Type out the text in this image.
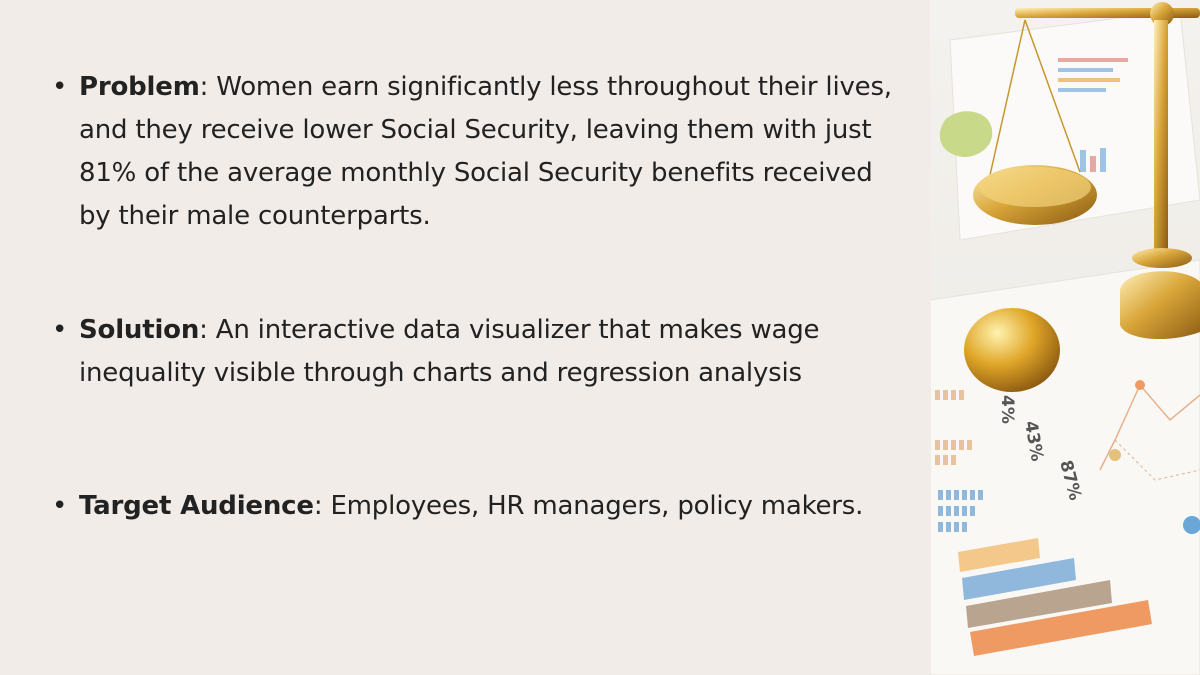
• Problem: Women earn significantly less throughout their lives, and they receive lower Social Security, leaving them with just 81% of the average monthly Social Security benefits received by their male counterparts.
• Solution: An interactive data visualizer that makes wage inequality visible through charts and regression analysis
• Target Audience: Employees, HR managers, policy makers.
4%
43%
87%
